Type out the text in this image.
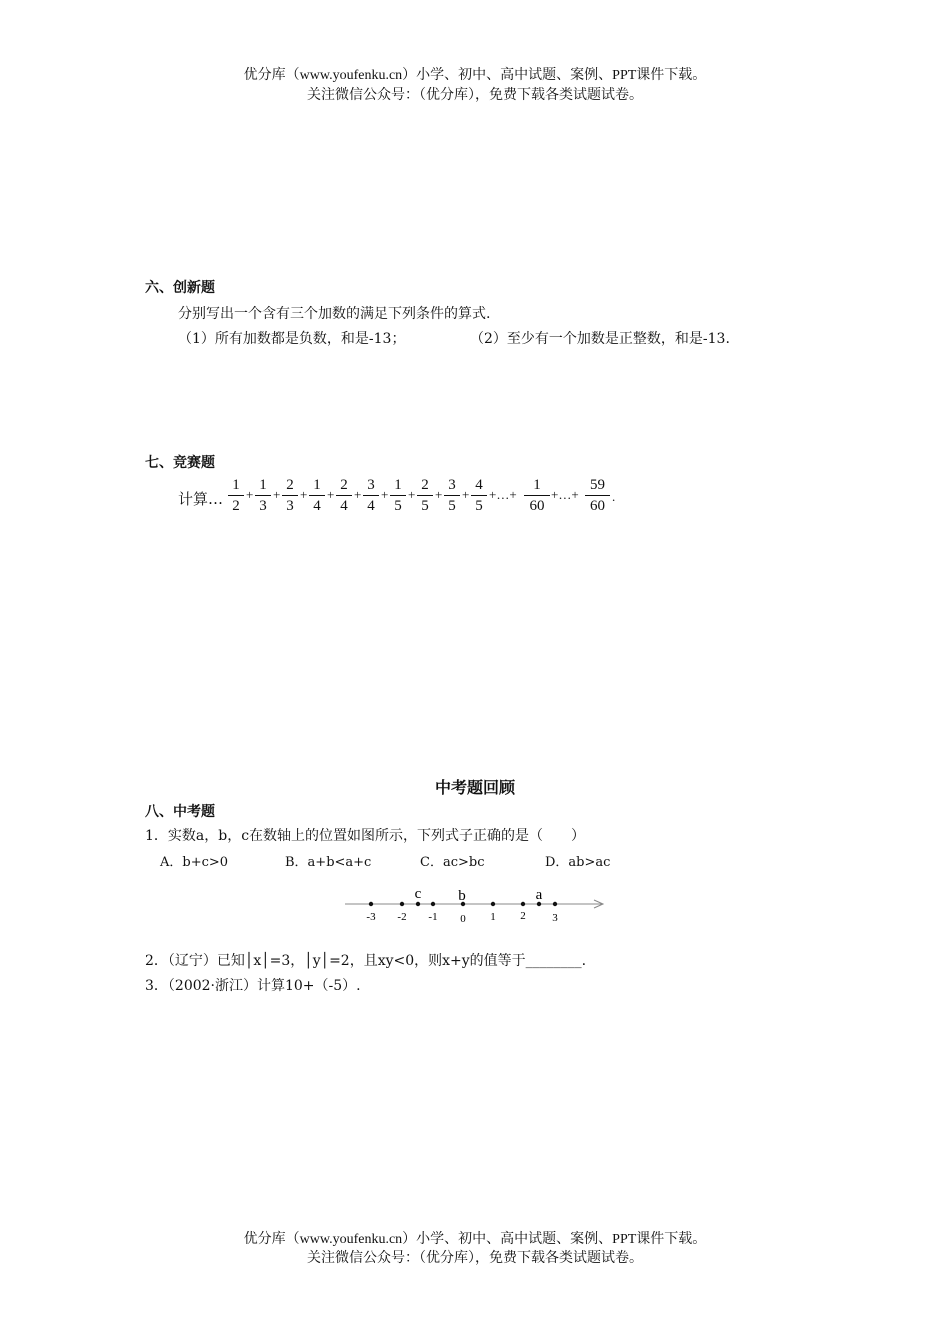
优分库（www.youfenku.cn）小学、初中、高中试题、案例、PPT课件下载。
关注微信公众号：（优分库），免费下载各类试题试卷。
六、创新题
分别写出一个含有三个加数的满足下列条件的算式.
（1）所有加数都是负数，和是-13；	（2）至少有一个加数是正整数，和是-13.
七、竞赛题
计算…
1
2
+
1
3
+
2
3
+
1
4
+
2
4
+
3
4
+
1
5
+
2
5
+
3
5
+
4
5
+…+
1
60
+…+
59
60
.
中考题回顾
八、中考题
1．实数a，b，c在数轴上的位置如图所示，下列式子正确的是（　　）
A．b+c>0	B．a+b<a+c	C．ac>bc	D．ab>ac
-3 -2 -1 0 1 2 3
c b	a
2．（辽宁）已知│x│=3，│y│=2，且xy<0，则x+y的值等于________.
3．（2002·浙江）计算10+（-5）.
优分库（www.youfenku.cn）小学、初中、高中试题、案例、PPT课件下载。
关注微信公众号：（优分库），免费下载各类试题试卷。
